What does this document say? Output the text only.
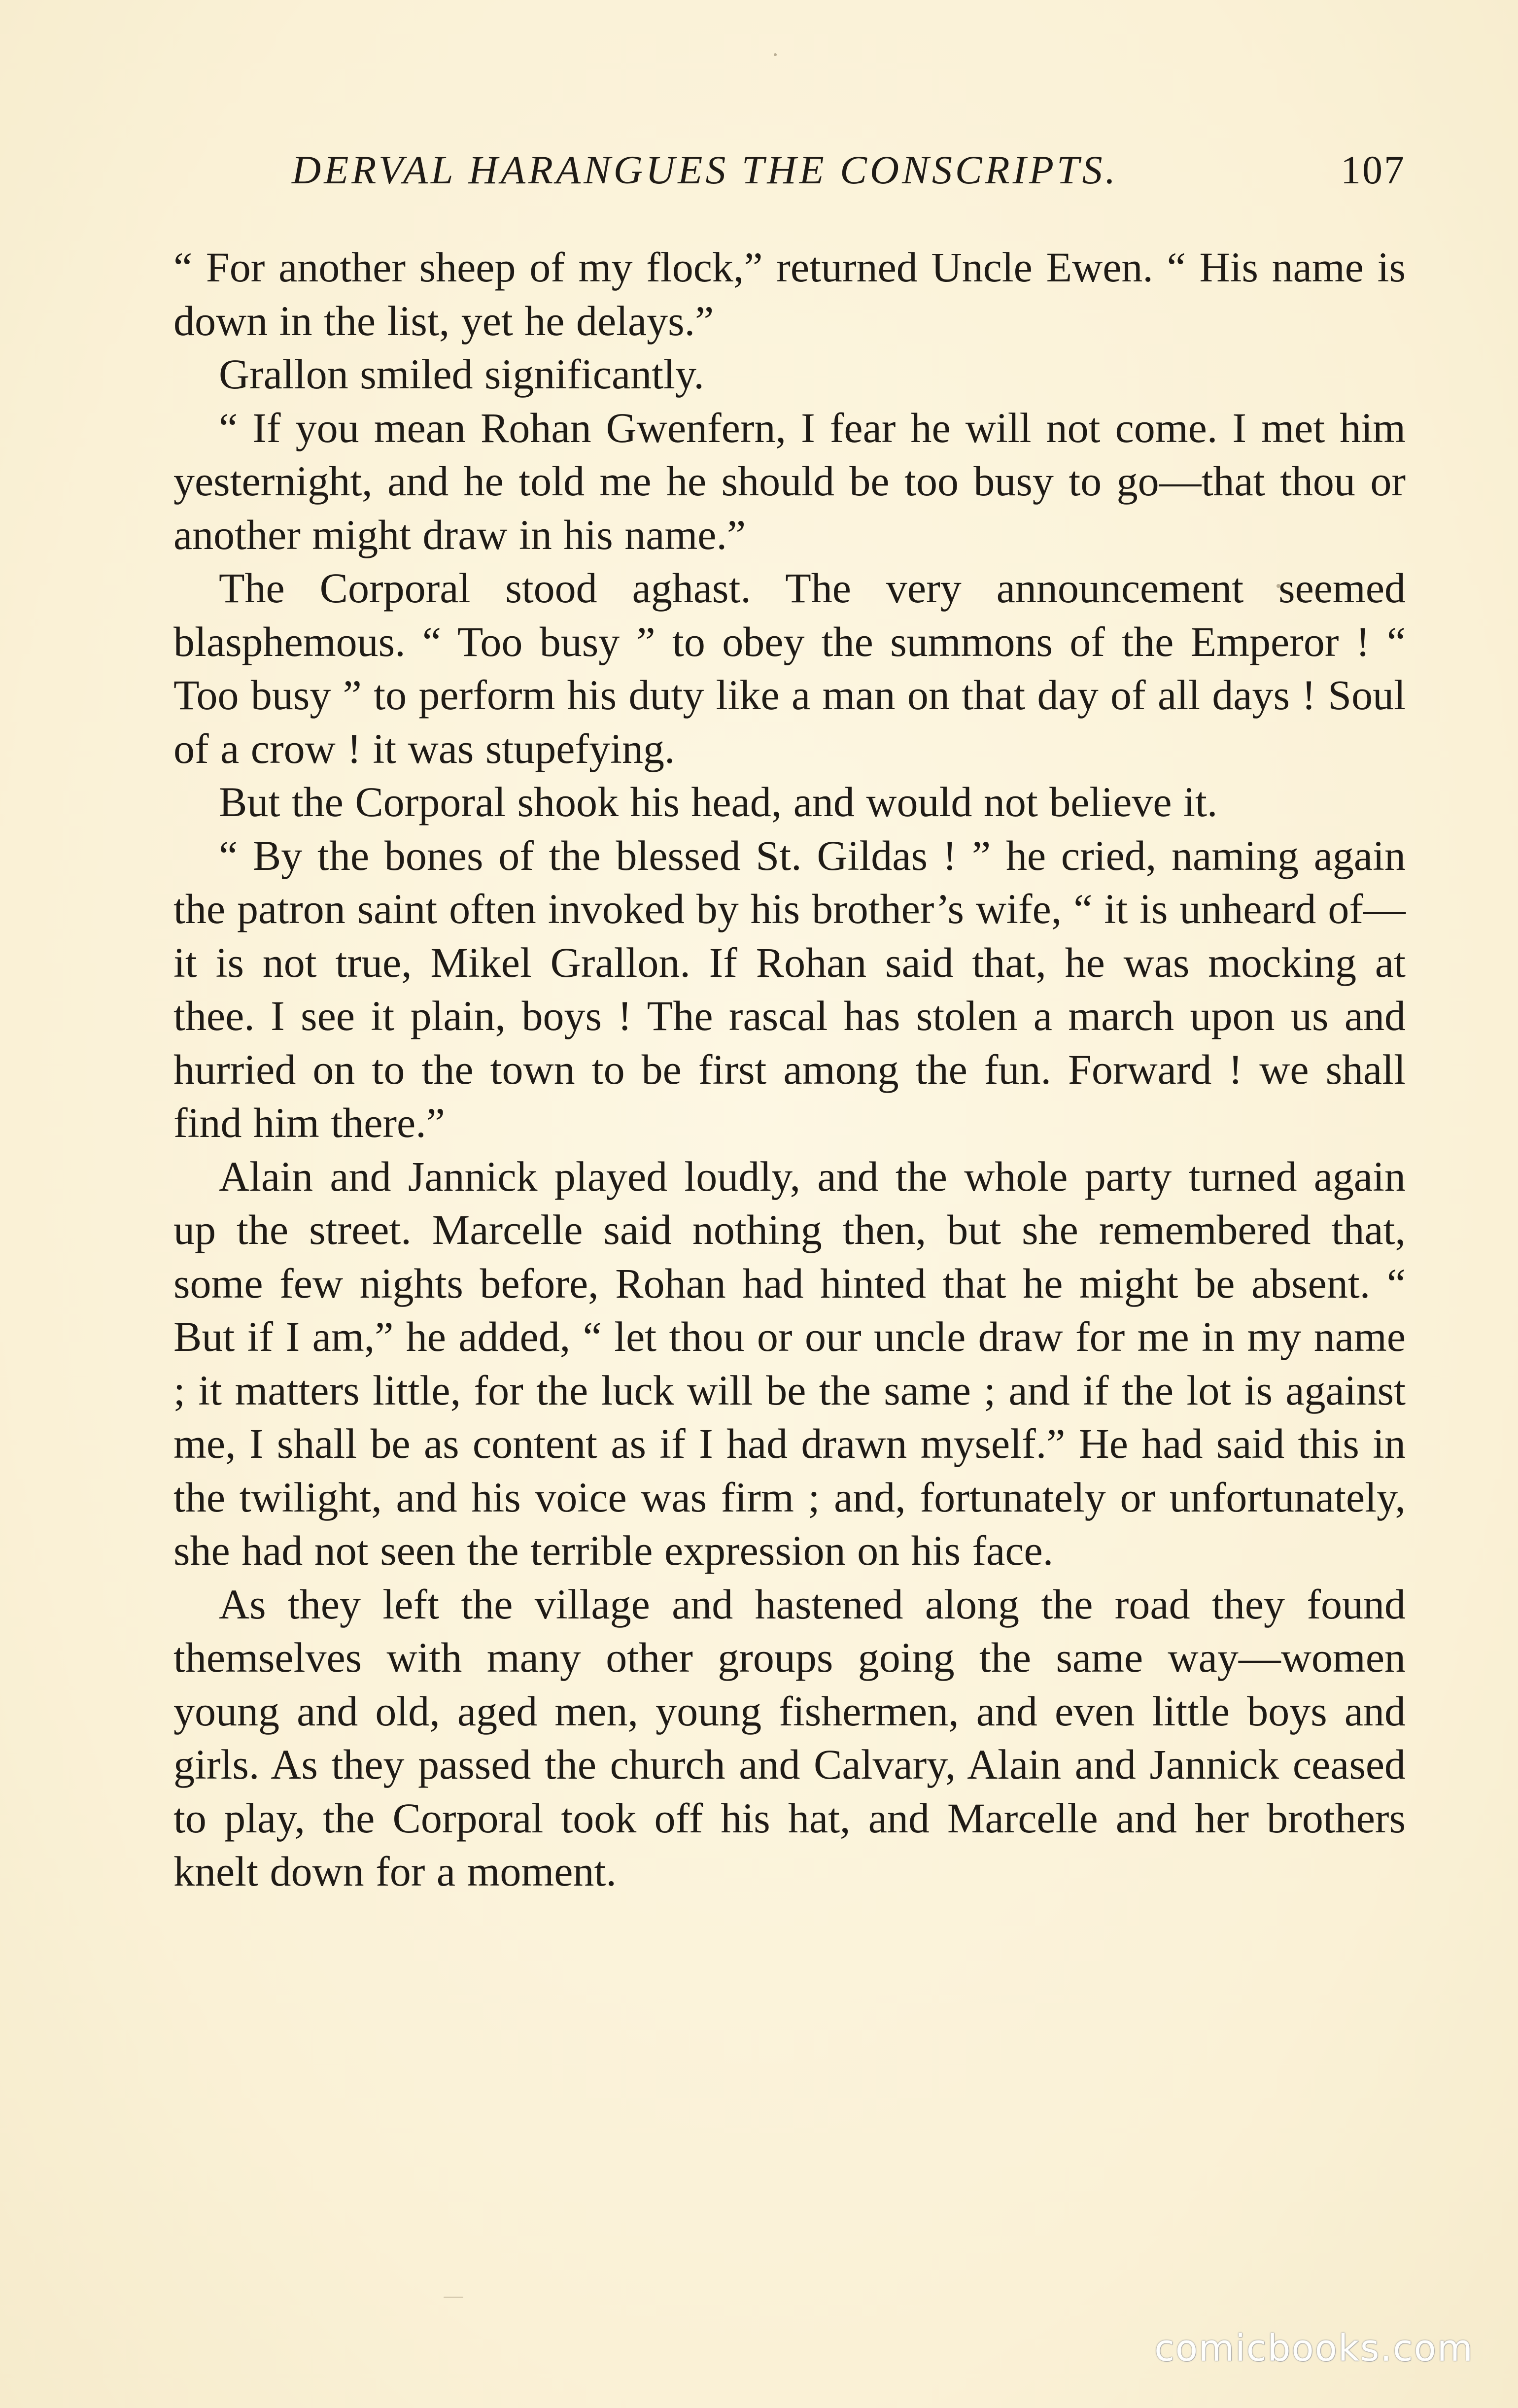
DERVAL HARANGUES THE CONSCRIPTS.	107

“ For another sheep of my flock,” returned Uncle Ewen. “ His name is down in the list, yet he delays.”

Grallon smiled significantly.

“ If you mean Rohan Gwenfern, I fear he will not come. I met him yesternight, and he told me he should be too busy to go—that thou or another might draw in his name.”

The Corporal stood aghast. The very announcement seemed blasphemous. “ Too busy ” to obey the summons of the Emperor ! “ Too busy ” to perform his duty like a man on that day of all days ! Soul of a crow ! it was stupefying.

But the Corporal shook his head, and would not believe it.

“ By the bones of the blessed St. Gildas ! ” he cried, naming again the patron saint often invoked by his brother’s wife, “ it is unheard of—it is not true, Mikel Grallon. If Rohan said that, he was mocking at thee. I see it plain, boys ! The rascal has stolen a march upon us and hurried on to the town to be first among the fun. Forward ! we shall find him there.”

Alain and Jannick played loudly, and the whole party turned again up the street. Marcelle said nothing then, but she remembered that, some few nights before, Rohan had hinted that he might be absent. “ But if I am,” he added, “ let thou or our uncle draw for me in my name ; it matters little, for the luck will be the same ; and if the lot is against me, I shall be as content as if I had drawn myself.” He had said this in the twilight, and his voice was firm ; and, fortunately or unfortunately, she had not seen the terrible expression on his face.

As they left the village and hastened along the road they found themselves with many other groups going the same way—women young and old, aged men, young fishermen, and even little boys and girls. As they passed the church and Calvary, Alain and Jannick ceased to play, the Corporal took off his hat, and Marcelle and her brothers knelt down for a moment.

comicbooks.com
